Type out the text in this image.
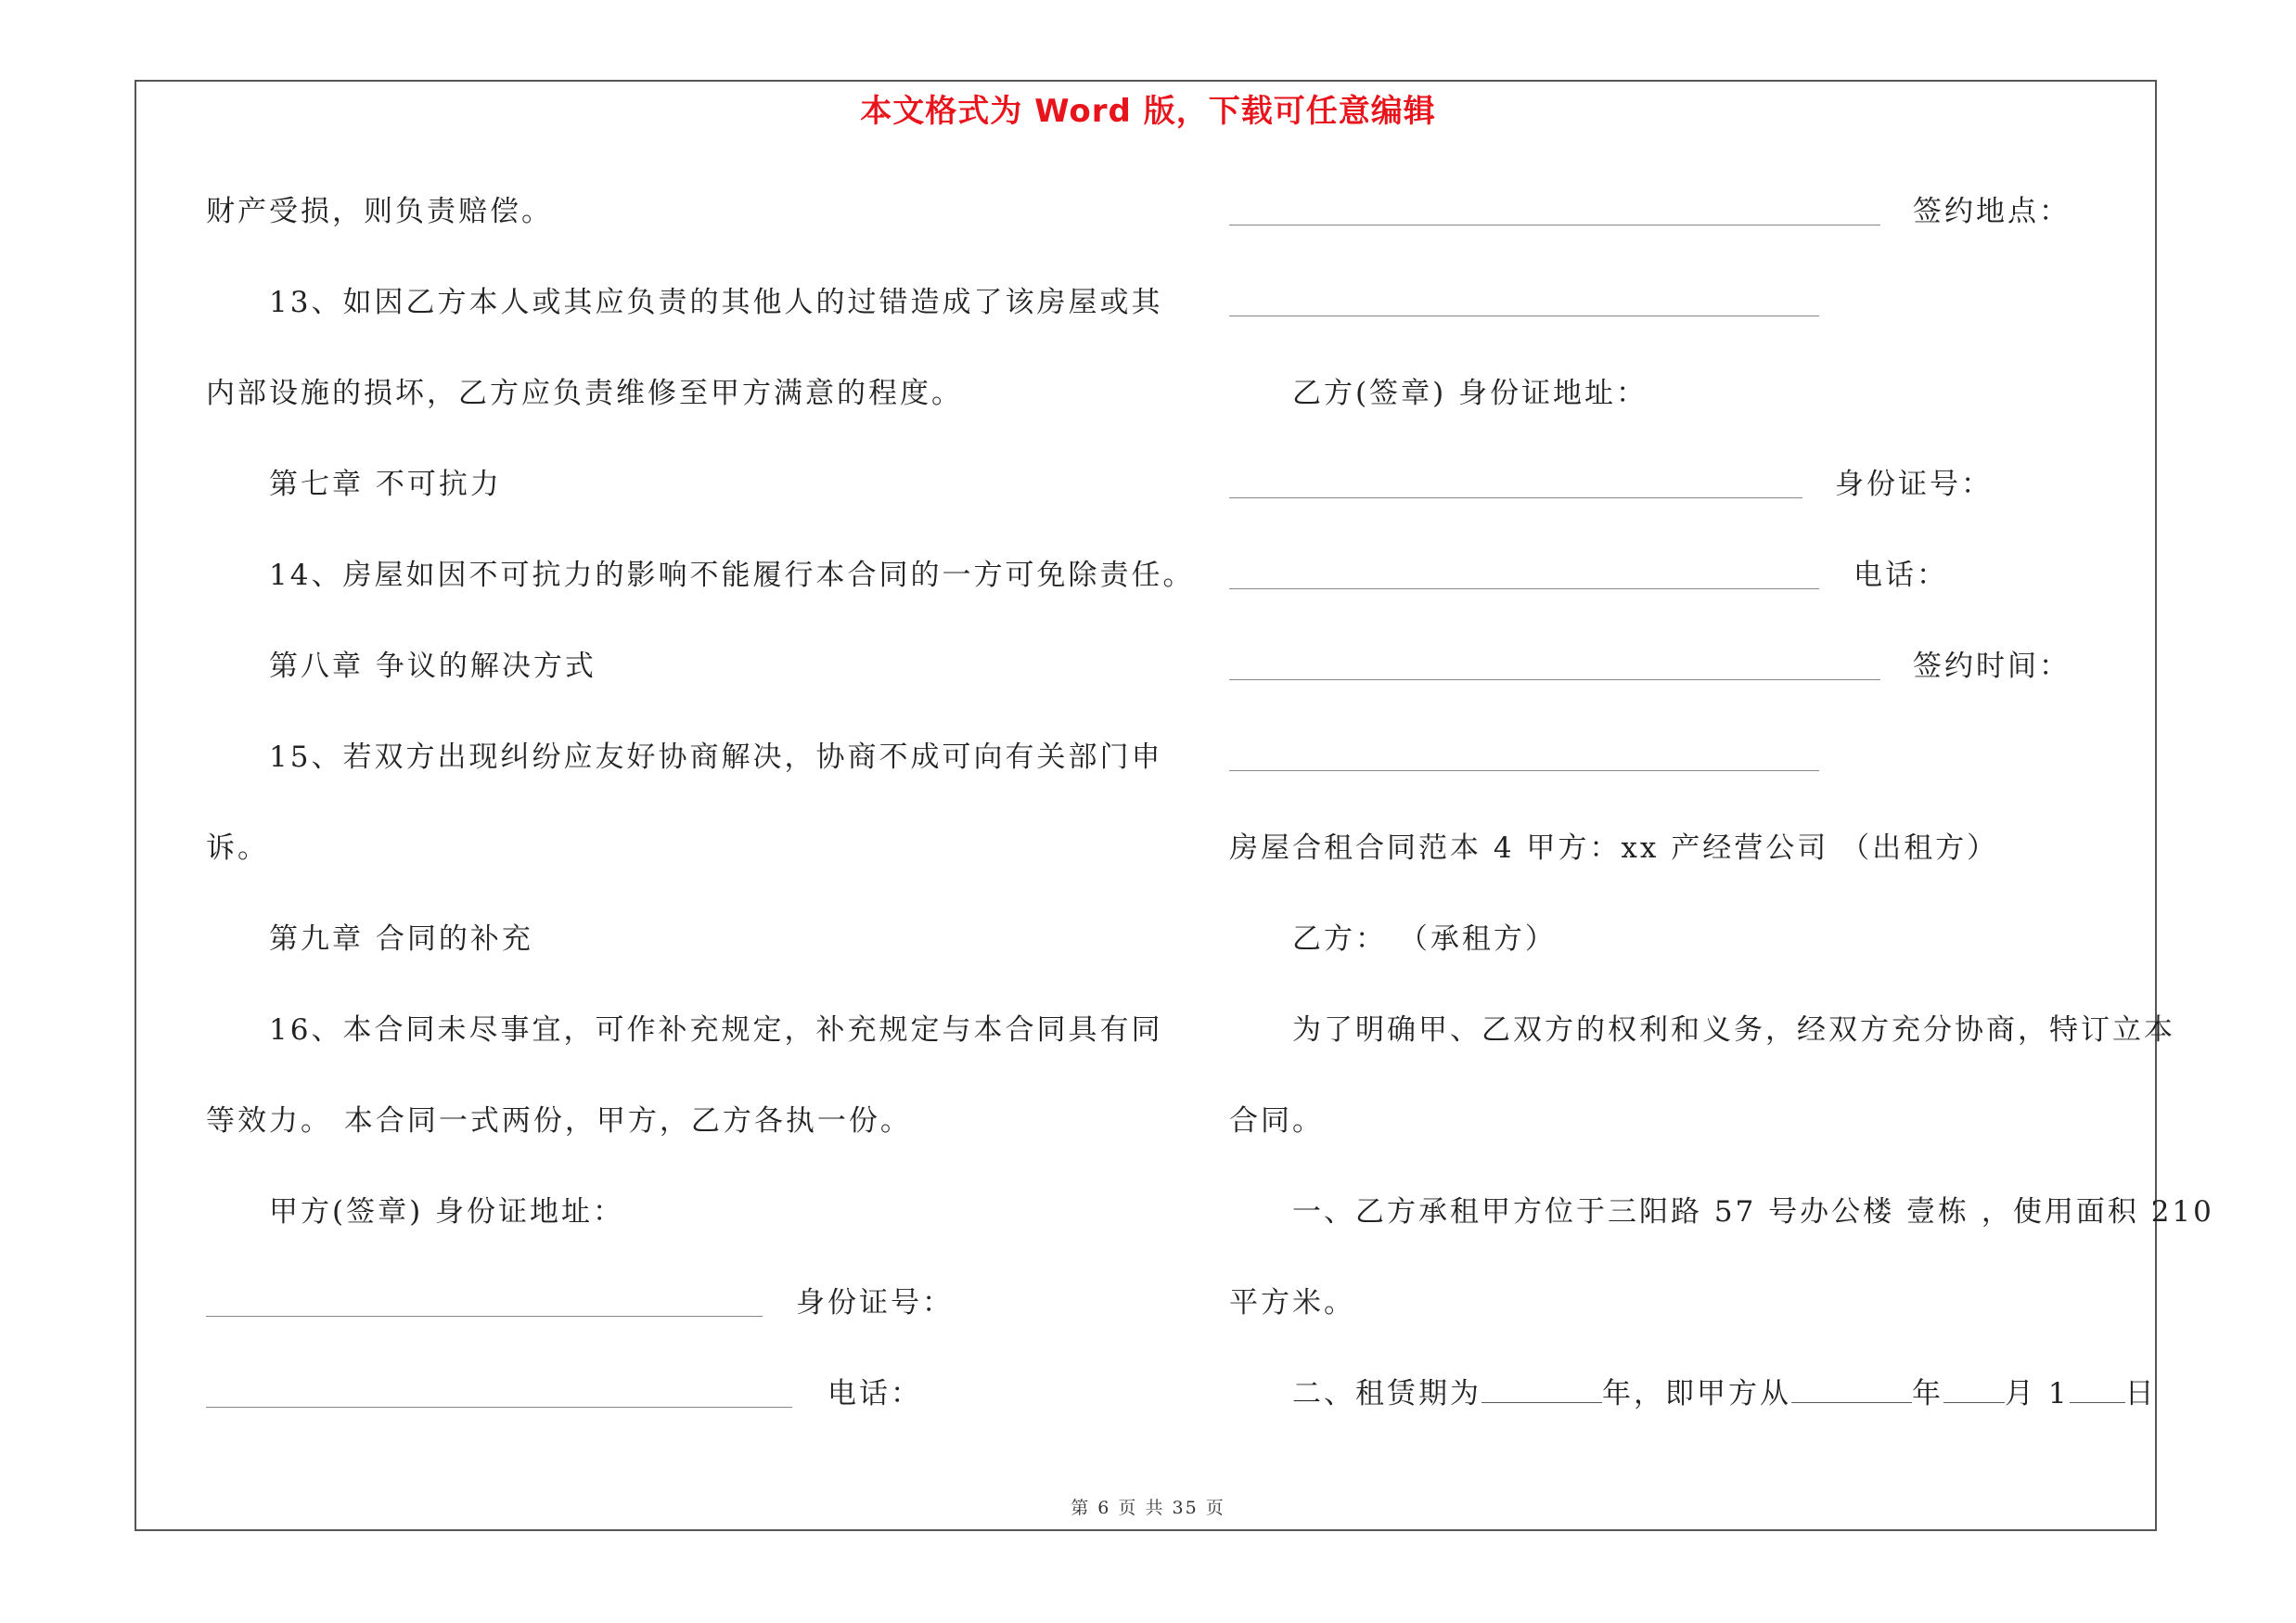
本文格式为 Word 版，下载可任意编辑
财产受损，则负责赔偿。
13、如因乙方本人或其应负责的其他人的过错造成了该房屋或其
内部设施的损坏，乙方应负责维修至甲方满意的程度。
第七章 不可抗力
14、房屋如因不可抗力的影响不能履行本合同的一方可免除责任。
第八章 争议的解决方式
15、若双方出现纠纷应友好协商解决，协商不成可向有关部门申
诉。
第九章 合同的补充
16、本合同未尽事宜，可作补充规定，补充规定与本合同具有同
等效力。 本合同一式两份，甲方，乙方各执一份。
甲方(签章) 身份证地址：
身份证号：
电话：
签约地点：
乙方(签章) 身份证地址：
身份证号：
电话：
签约时间：
房屋合租合同范本 4 甲方：xx 产经营公司 （出租方）
乙方： （承租方）
为了明确甲、乙双方的权利和义务，经双方充分协商，特订立本
合同。
一、乙方承租甲方位于三阳路 57 号办公楼 壹栋 ，使用面积 210
平方米。
二、租赁期为	年，即甲方从	年 月 1 日
第 6 页 共 35 页
